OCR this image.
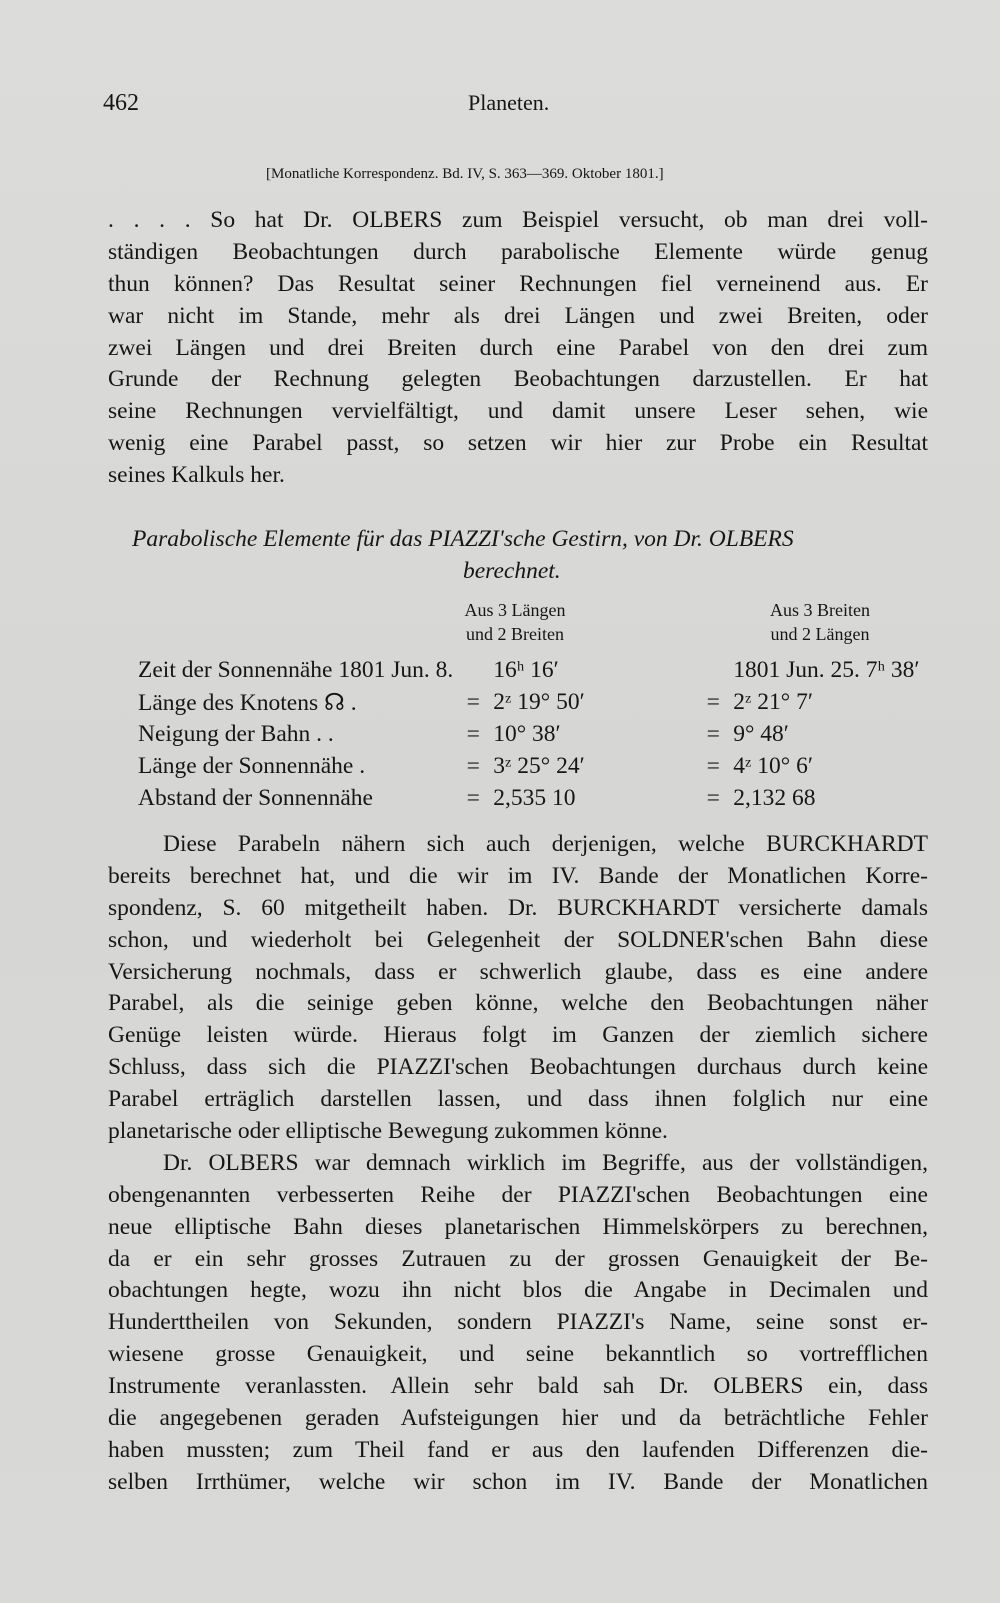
462	Planeten.
[Monatliche Korrespondenz. Bd. IV, S. 363—369. Oktober 1801.]
. . . . So hat Dr. OLBERS zum Beispiel versucht, ob man drei voll-
ständigen Beobachtungen durch parabolische Elemente würde genug
thun können? Das Resultat seiner Rechnungen fiel verneinend aus. Er
war nicht im Stande, mehr als drei Längen und zwei Breiten, oder
zwei Längen und drei Breiten durch eine Parabel von den drei zum
Grunde der Rechnung gelegten Beobachtungen darzustellen. Er hat
seine Rechnungen vervielfältigt, und damit unsere Leser sehen, wie
wenig eine Parabel passt, so setzen wir hier zur Probe ein Resultat
seines Kalkuls her.
Parabolische Elemente für das PIAZZI'sche Gestirn, von Dr. OLBERS
berechnet.
Aus 3 Längen
und 2 Breiten
Aus 3 Breiten
und 2 Längen
Zeit der Sonnennähe 1801 Jun. 8.		16ʰ 16′		1801 Jun. 25. 7ʰ 38′
Länge des Knotens ☊ .	=	2ᶻ 19° 50′	=	2ᶻ 21° 7′
Neigung der Bahn . .	=	10° 38′	=	9° 48′
Länge der Sonnennähe .	=	3ᶻ 25° 24′	=	4ᶻ 10° 6′
Abstand der Sonnennähe	=	2,535 10	=	2,132 68
Diese Parabeln nähern sich auch derjenigen, welche BURCKHARDT
bereits berechnet hat, und die wir im IV. Bande der Monatlichen Korre-
spondenz, S. 60 mitgetheilt haben. Dr. BURCKHARDT versicherte damals
schon, und wiederholt bei Gelegenheit der SOLDNER'schen Bahn diese
Versicherung nochmals, dass er schwerlich glaube, dass es eine andere
Parabel, als die seinige geben könne, welche den Beobachtungen näher
Genüge leisten würde. Hieraus folgt im Ganzen der ziemlich sichere
Schluss, dass sich die PIAZZI'schen Beobachtungen durchaus durch keine
Parabel erträglich darstellen lassen, und dass ihnen folglich nur eine
planetarische oder elliptische Bewegung zukommen könne.
Dr. OLBERS war demnach wirklich im Begriffe, aus der vollständigen,
obengenannten verbesserten Reihe der PIAZZI'schen Beobachtungen eine
neue elliptische Bahn dieses planetarischen Himmelskörpers zu berechnen,
da er ein sehr grosses Zutrauen zu der grossen Genauigkeit der Be-
obachtungen hegte, wozu ihn nicht blos die Angabe in Decimalen und
Hunderttheilen von Sekunden, sondern PIAZZI's Name, seine sonst er-
wiesene grosse Genauigkeit, und seine bekanntlich so vortrefflichen
Instrumente veranlassten. Allein sehr bald sah Dr. OLBERS ein, dass
die angegebenen geraden Aufsteigungen hier und da beträchtliche Fehler
haben mussten; zum Theil fand er aus den laufenden Differenzen die-
selben Irrthümer, welche wir schon im IV. Bande der Monatlichen
